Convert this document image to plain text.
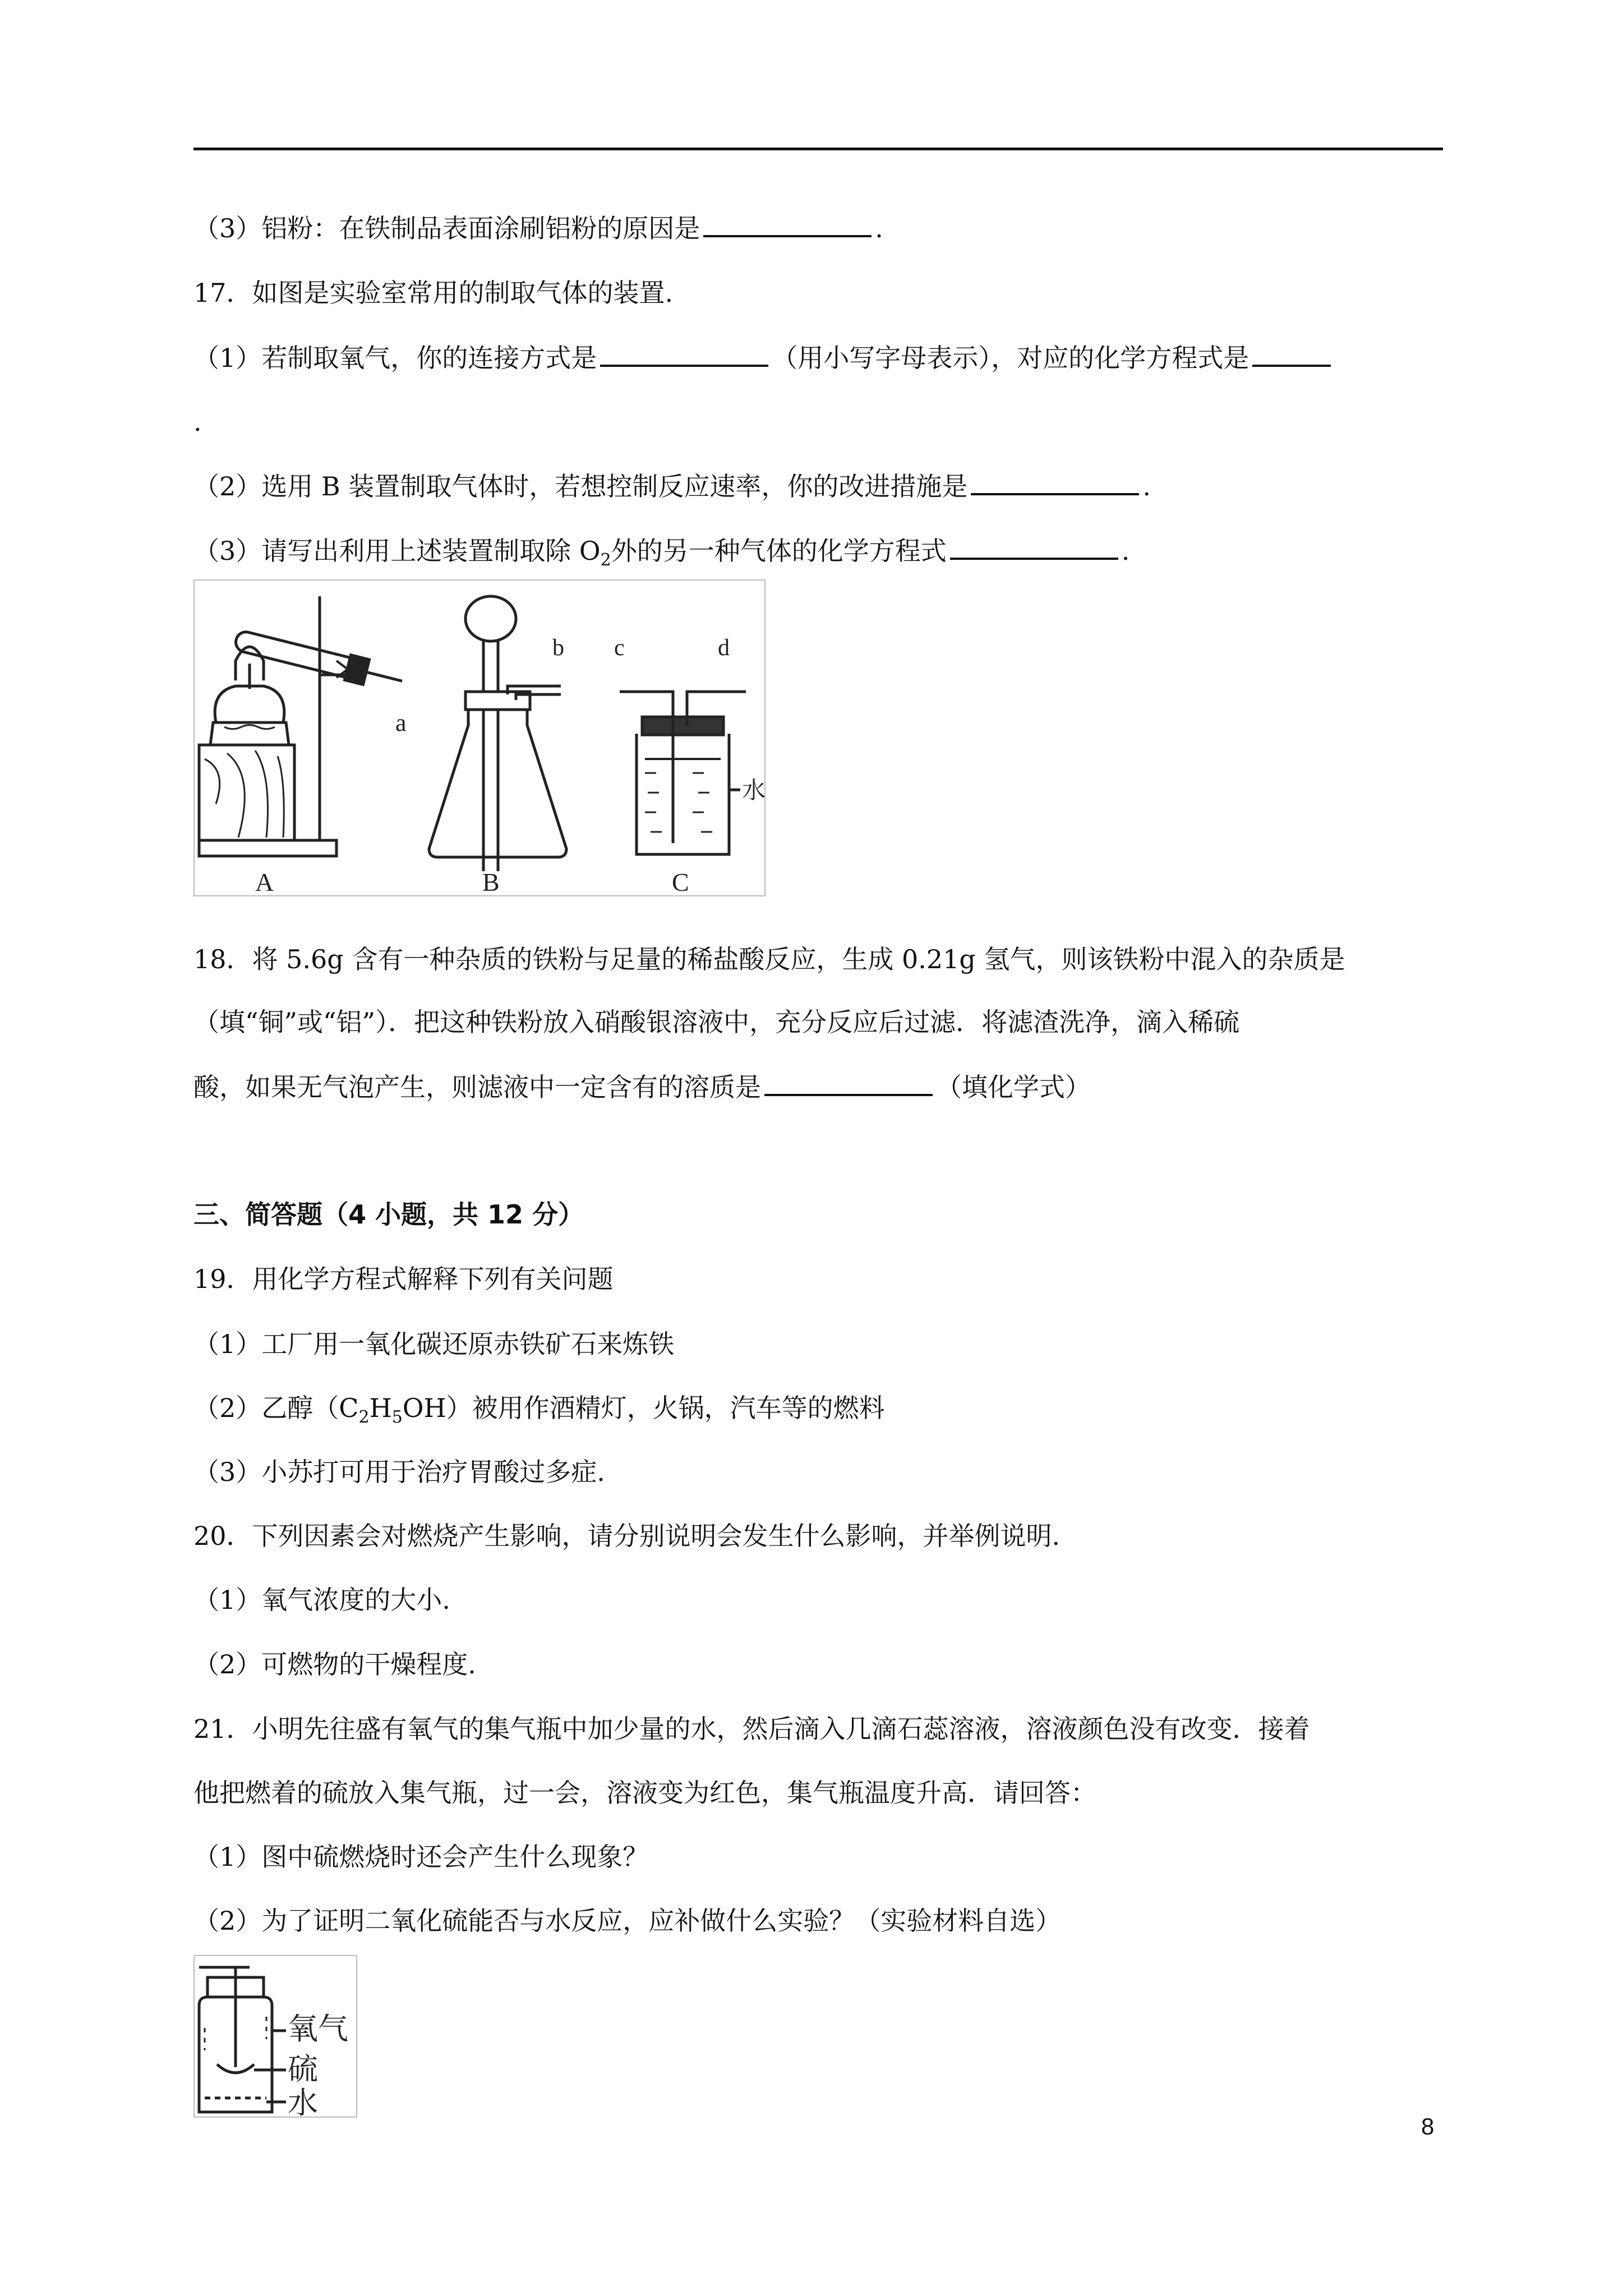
（3）铝粉：在铁制品表面涂刷铝粉的原因是	.
17．如图是实验室常用的制取气体的装置.
（1）若制取氧气，你的连接方式是	（用小写字母表示），对应的化学方程式是
.
（2）选用 B 装置制取气体时，若想控制反应速率，你的改进措施是	.
（3）请写出利用上述装置制取除 $O_2$外的另一种气体的化学方程式	.
a
A
b
B
c	d
水
C
18．将 5.6g 含有一种杂质的铁粉与足量的稀盐酸反应，生成 0.21g 氢气，则该铁粉中混入的杂质是
（填“铜”或“铝”）．把这种铁粉放入硝酸银溶液中，充分反应后过滤．将滤渣洗净，滴入稀硫
酸，如果无气泡产生，则滤液中一定含有的溶质是	（填化学式）
三、简答题（4 小题，共 12 分）
19．用化学方程式解释下列有关问题
（1）工厂用一氧化碳还原赤铁矿石来炼铁
（2）乙醇$(C_2H_5OH)$被用作酒精灯，火锅，汽车等的燃料
（3）小苏打可用于治疗胃酸过多症.
20．下列因素会对燃烧产生影响，请分别说明会发生什么影响，并举例说明.
（1）氧气浓度的大小.
（2）可燃物的干燥程度.
21．小明先往盛有氧气的集气瓶中加少量的水，然后滴入几滴石蕊溶液，溶液颜色没有改变．接着
他把燃着的硫放入集气瓶，过一会，溶液变为红色，集气瓶温度升高．请回答：
（1）图中硫燃烧时还会产生什么现象？
（2）为了证明二氧化硫能否与水反应，应补做什么实验？（实验材料自选）
氧气
硫
水
8
